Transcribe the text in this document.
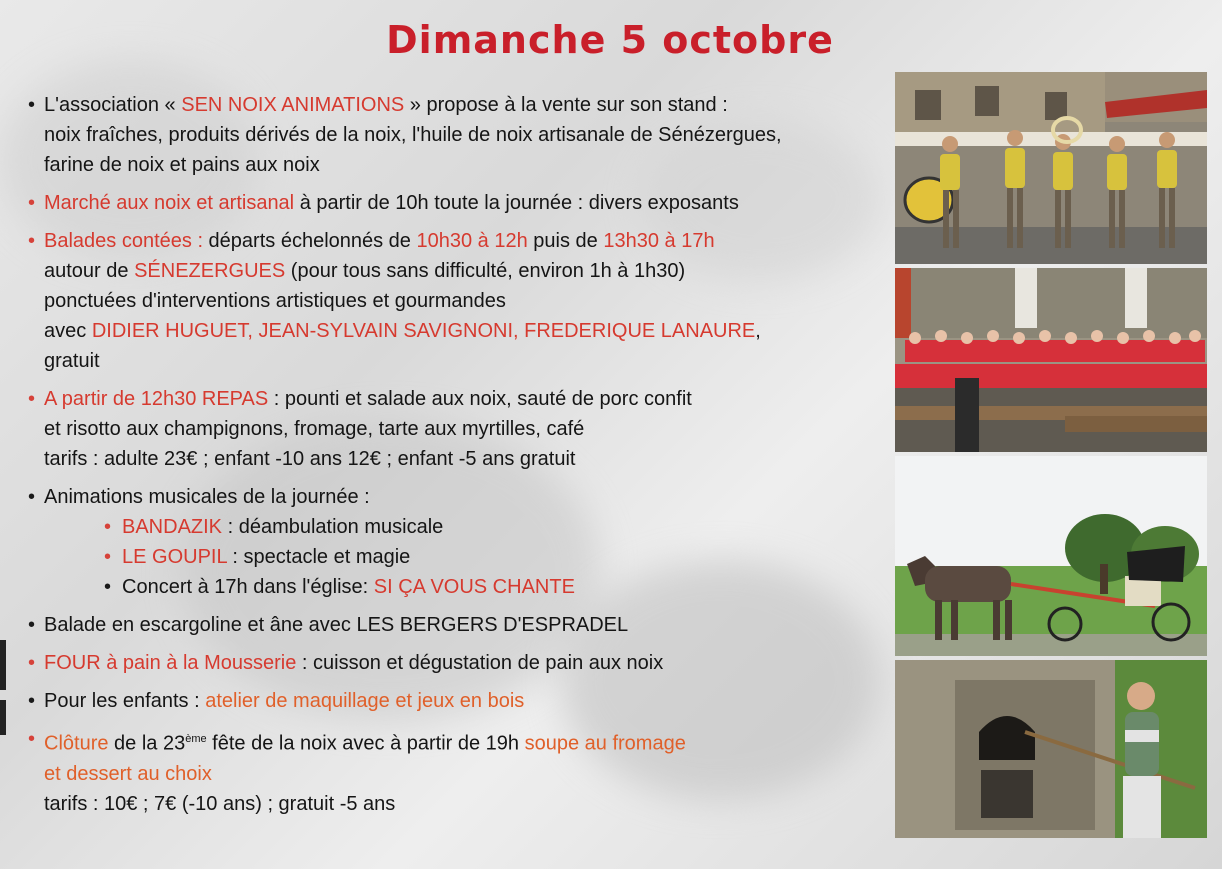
Dimanche 5 octobre
• L'association « SEN NOIX ANIMATIONS » propose à la vente sur son stand :
noix fraîches, produits dérivés de la noix, l'huile de noix artisanale de Sénézergues,
farine de noix et pains aux noix
• Marché aux noix et artisanal à partir de 10h toute la journée : divers exposants
• Balades contées : départs échelonnés de 10h30 à 12h puis de 13h30 à 17h
autour de SÉNEZERGUES (pour tous sans difficulté, environ 1h à 1h30)
ponctuées d'interventions artistiques et gourmandes
avec DIDIER HUGUET, JEAN-SYLVAIN SAVIGNONI, FREDERIQUE LANAURE,
gratuit
• A partir de 12h30 REPAS : pounti et salade aux noix, sauté de porc confit
et risotto aux champignons, fromage, tarte aux myrtilles, café
tarifs : adulte 23€ ; enfant -10 ans 12€ ; enfant -5 ans gratuit
• Animations musicales de la journée :
• BANDAZIK : déambulation musicale
• LE GOUPIL : spectacle et magie
• Concert à 17h dans l'église: SI ÇA VOUS CHANTE
• Balade en escargoline et âne avec LES BERGERS D'ESPRADEL
• FOUR à pain à la Mousserie : cuisson et dégustation de pain aux noix
• Pour les enfants : atelier de maquillage et jeux en bois
• Clôture de la 23ème fête de la noix avec à partir de 19h soupe au fromage
et dessert au choix
tarifs : 10€ ; 7€ (-10 ans) ; gratuit -5 ans
